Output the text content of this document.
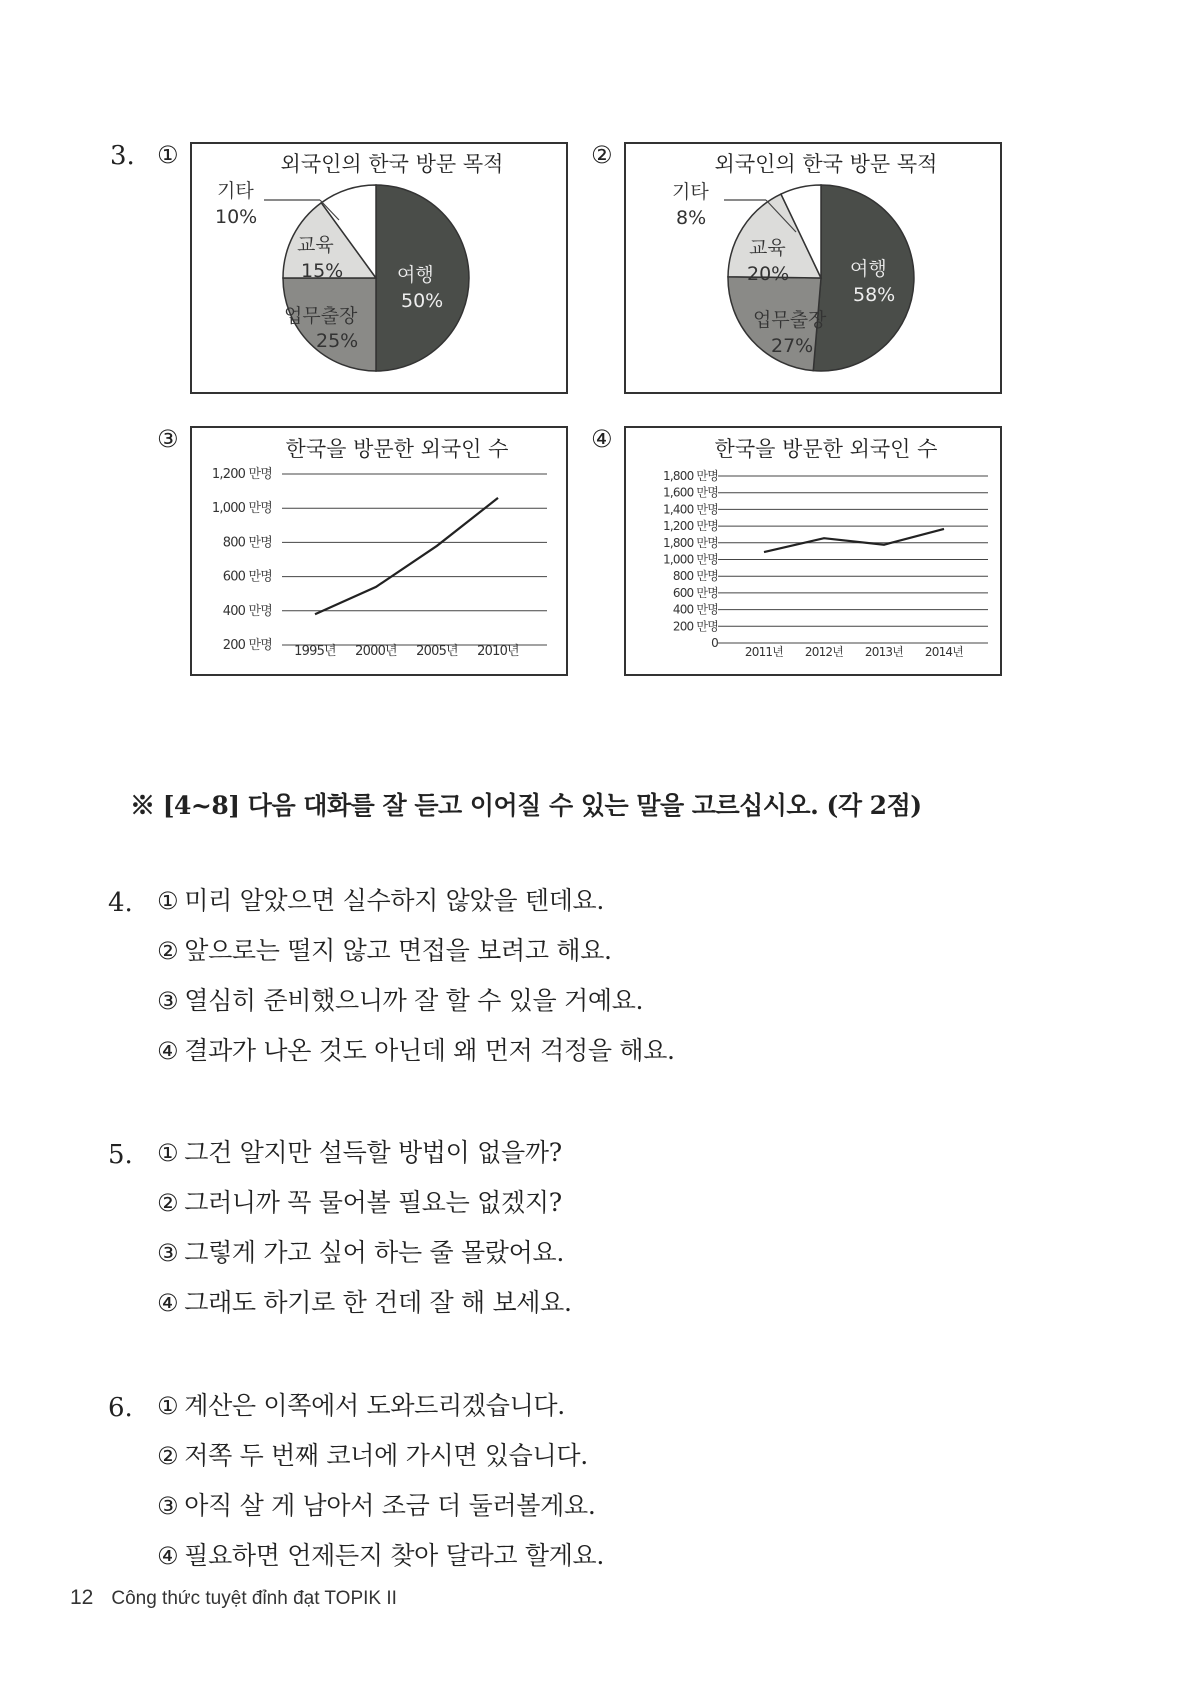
3. ①	외국인의 한국 방문 목적
기타
10%
교육
15%	여행
50%
업무출장
25%
②	외국인의 한국 방문 목적
기타
8%
교육
20%	여행
58%
업무출장
27%
③	한국을 방문한 외국인 수
1,200 만명
1,000 만명
800 만명
600 만명
400 만명
200 만명 1995년 2000년 2005년 2010년
④	한국을 방문한 외국인 수
1,800 만명
1,600 만명
1,400 만명
1,200 만명
1,800 만명
1,000 만명
800 만명
600 만명
400 만명
200 만명
0
2011년 2012년 2013년 2014년
※ [4~8] 다음 대화를 잘 듣고 이어질 수 있는 말을 고르십시오. (각 2점)
4. ① 미리 알았으면 실수하지 않았을 텐데요.
② 앞으로는 떨지 않고 면접을 보려고 해요.
③ 열심히 준비했으니까 잘 할 수 있을 거예요.
④ 결과가 나온 것도 아닌데 왜 먼저 걱정을 해요.
5. ① 그건 알지만 설득할 방법이 없을까?
② 그러니까 꼭 물어볼 필요는 없겠지?
③ 그렇게 가고 싶어 하는 줄 몰랐어요.
④ 그래도 하기로 한 건데 잘 해 보세요.
6. ① 계산은 이쪽에서 도와드리겠습니다.
② 저쪽 두 번째 코너에 가시면 있습니다.
③ 아직 살 게 남아서 조금 더 둘러볼게요.
④ 필요하면 언제든지 찾아 달라고 할게요.
12 Công thức tuyệt đỉnh đạt TOPIK II
